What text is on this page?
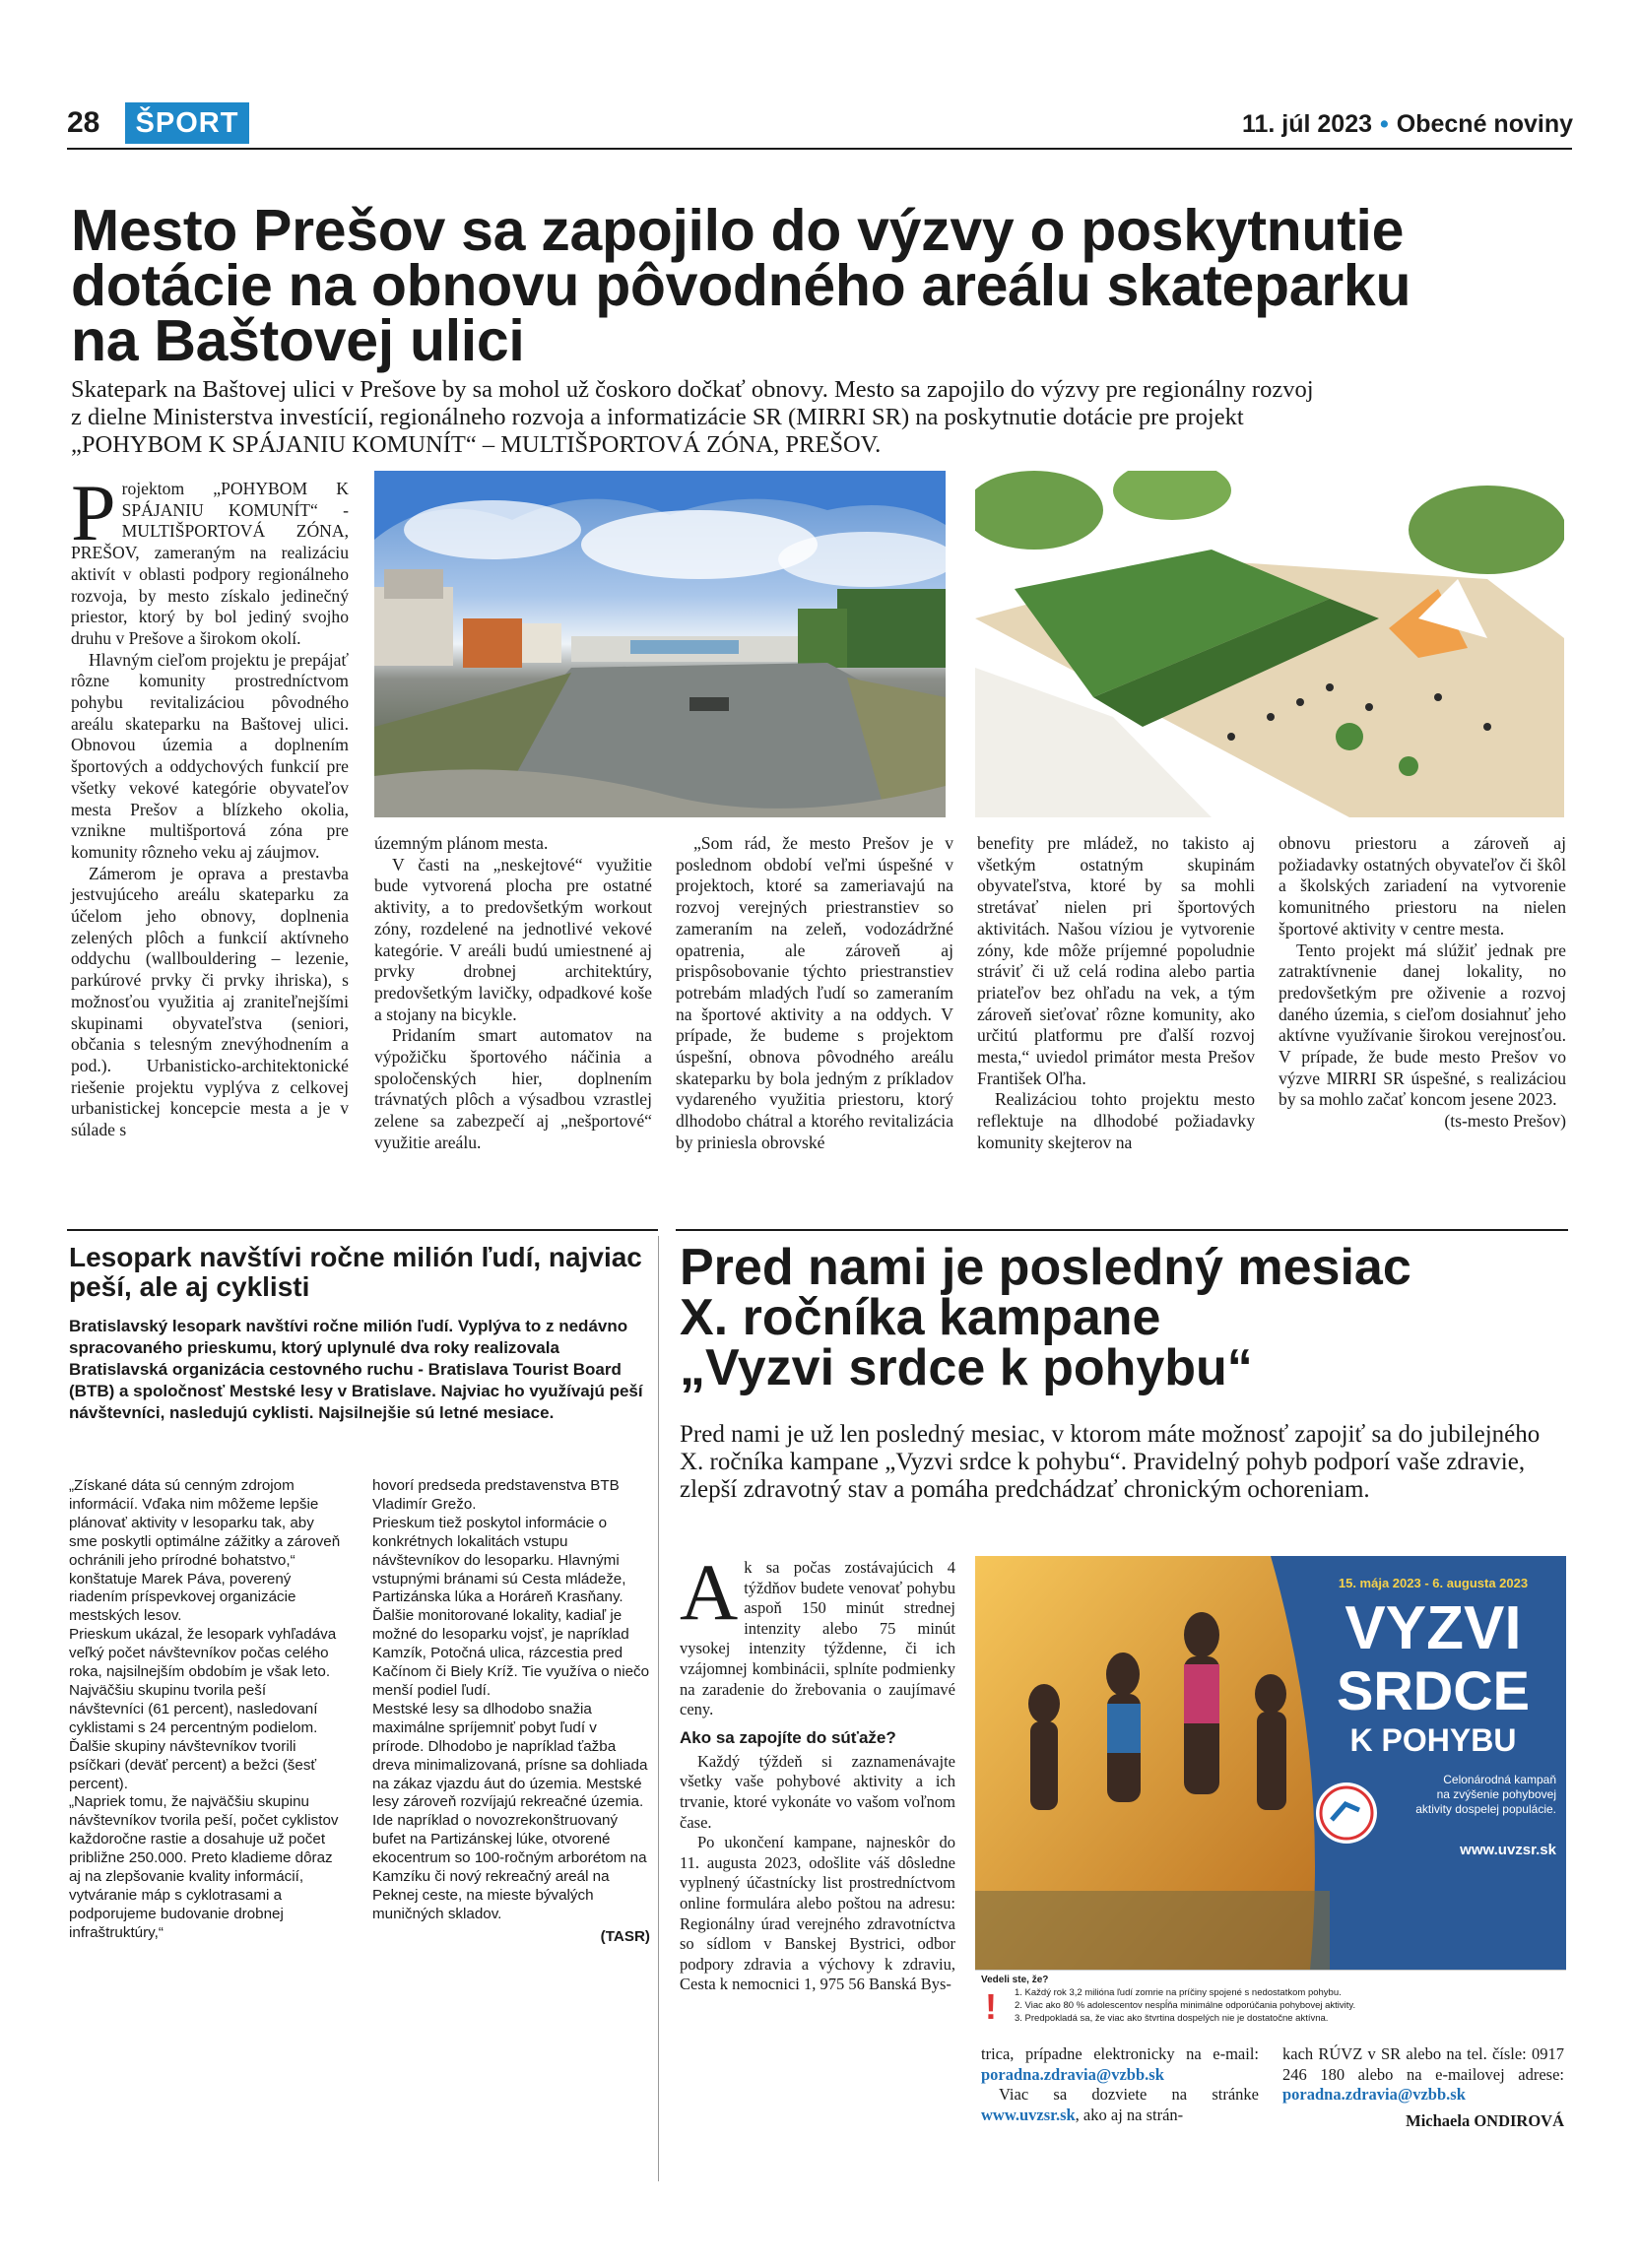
28	ŠPORT	11. júl 2023 • Obecné noviny
Mesto Prešov sa zapojilo do výzvy o poskytnutie
dotácie na obnovu pôvodného areálu skateparku
na Baštovej ulici
Skatepark na Baštovej ulici v Prešove by sa mohol už čoskoro dočkať obnovy. Mesto sa zapojilo do výzvy pre regionálny rozvoj
z dielne Ministerstva investícií, regionálneho rozvoja a informatizácie SR (MIRRI SR) na poskytnutie dotácie pre projekt
„POHYBOM K SPÁJANIU KOMUNÍT“ – MULTIŠPORTOVÁ ZÓNA, PREŠOV.

Projektom „POHYBOM K SPÁJANIU KOMUNÍT“ - MULTIŠPORTOVÁ ZÓNA, PREŠOV, zameraným na realizáciu aktivít v oblasti podpory regionálneho rozvoja, by mesto získalo jedinečný priestor, ktorý by bol jediný svojho druhu v Prešove a širokom okolí.

Hlavným cieľom projektu je prepájať rôzne komunity prostredníctvom pohybu revitalizáciou pôvodného areálu skateparku na Baštovej ulici. Obnovou územia a doplnením športových a oddychových funkcií pre všetky vekové kategórie obyvateľov mesta Prešov a blízkeho okolia, vznikne multišportová zóna pre komunity rôzneho veku aj záujmov.

Zámerom je oprava a prestavba jestvujúceho areálu skateparku za účelom jeho obnovy, doplnenia zelených plôch a funkcií aktívneho oddychu (wallbouldering – lezenie, parkúrové prvky či prvky ihriska), s možnosťou využitia aj zraniteľnejšími skupinami obyvateľstva (seniori, občania s telesným znevýhodnením a pod.). Urbanisticko-architektonické riešenie projektu vyplýva z celkovej urbanistickej koncepcie mesta a je v súlade s

územným plánom mesta.

V časti na „neskejtové“ využitie bude vytvorená plocha pre ostatné aktivity, a to predovšetkým workout zóny, rozdelené na jednotlivé vekové kategórie. V areáli budú umiestnené aj prvky drobnej architektúry, predovšetkým lavičky, odpadkové koše a stojany na bicykle.

Pridaním smart automatov na výpožičku športového náčinia a spoločenských hier, doplnením trávnatých plôch a výsadbou vzrastlej zelene sa zabezpečí aj „nešportové“ využitie areálu.

„Som rád, že mesto Prešov je v poslednom období veľmi úspešné v projektoch, ktoré sa zameriavajú na rozvoj verejných priestranstiev so zameraním na zeleň, vodozádržné opatrenia, ale zároveň aj prispôsobovanie týchto priestranstiev potrebám mladých ľudí so zameraním na športové aktivity a na oddych. V prípade, že budeme s projektom úspešní, obnova pôvodného areálu skateparku by bola jedným z príkladov vydareného využitia priestoru, ktorý dlhodobo chátral a ktorého revitalizácia by priniesla obrovské

benefity pre mládež, no takisto aj všetkým ostatným skupinám obyvateľstva, ktoré by sa mohli stretávať nielen pri športových aktivitách. Našou víziou je vytvorenie zóny, kde môže príjemné popoludnie stráviť či už celá rodina alebo partia priateľov bez ohľadu na vek, a tým zároveň sieťovať rôzne komunity, ako určitú platformu pre ďalší rozvoj mesta,“ uviedol primátor mesta Prešov František Oľha.

Realizáciou tohto projektu mesto reflektuje na dlhodobé požiadavky komunity skejterov na

obnovu priestoru a zároveň aj požiadavky ostatných obyvateľov či škôl a školských zariadení na vytvorenie komunitného priestoru na nielen športové aktivity v centre mesta.

Tento projekt má slúžiť jednak pre zatraktívnenie danej lokality, no predovšetkým pre oživenie a rozvoj daného územia, s cieľom dosiahnuť jeho aktívne využívanie širokou verejnosťou. V prípade, že bude mesto Prešov vo výzve MIRRI SR úspešné, s realizáciou by sa mohlo začať koncom jesene 2023.

(ts-mesto Prešov)
Lesopark navštívi ročne milión ľudí, najviac peší, ale aj cyklisti
Bratislavský lesopark navštívi ročne milión ľudí. Vyplýva to z nedávno spracovaného prieskumu, ktorý uplynulé dva roky realizovala Bratislavská organizácia cestovného ruchu - Bratislava Tourist Board (BTB) a spoločnosť Mestské lesy v Bratislave. Najviac ho využívajú peší návštevníci, nasledujú cyklisti. Najsilnejšie sú letné mesiace.

„Získané dáta sú cenným zdrojom informácií. Vďaka nim môžeme lepšie plánovať aktivity v lesoparku tak, aby sme poskytli optimálne zážitky a zároveň ochránili jeho prírodné bohatstvo,“ konštatuje Marek Páva, poverený riadením príspevkovej organizácie mestských lesov.

Prieskum ukázal, že lesopark vyhľadáva veľký počet návštevníkov počas celého roka, najsilnejším obdobím je však leto. Najväčšiu skupinu tvorila peší návštevníci (61 percent), nasledovaní cyklistami s 24 percentným podielom. Ďalšie skupiny návštevníkov tvorili psíčkari (deväť percent) a bežci (šesť percent).

„Napriek tomu, že najväčšiu skupinu návštevníkov tvorila peší, počet cyklistov každoročne rastie a dosahuje už počet približne 250.000. Preto kladieme dôraz aj na zlepšovanie kvality informácií, vytváranie máp s cyklotrasami a podporujeme budovanie drobnej infraštruktúry,“

hovorí predseda predstavenstva BTB Vladimír Grežo.

Prieskum tiež poskytol informácie o konkrétnych lokalitách vstupu návštevníkov do lesoparku. Hlavnými vstupnými bránami sú Cesta mládeže, Partizánska lúka a Horáreň Krasňany. Ďalšie monitorované lokality, kadiaľ je možné do lesoparku vojsť, je napríklad Kamzík, Potočná ulica, rázcestia pred Kačínom či Biely Kríž. Tie využíva o niečo menší podiel ľudí.

Mestské lesy sa dlhodobo snažia maximálne spríjemniť pobyt ľudí v prírode. Dlhodobo je napríklad ťažba dreva minimalizovaná, prísne sa dohliada na zákaz vjazdu áut do územia. Mestské lesy zároveň rozvíjajú rekreačné územia. Ide napríklad o novozrekonštruovaný bufet na Partizánskej lúke, otvorené ekocentrum so 100-ročným arborétom na Kamzíku či nový rekreačný areál na Peknej ceste, na mieste bývalých muničných skladov.

(TASR)
Pred nami je posledný mesiac
X. ročníka kampane
„Vyzvi srdce k pohybu“
Pred nami je už len posledný mesiac, v ktorom máte možnosť zapojiť sa do jubilejného X. ročníka kampane „Vyzvi srdce k pohybu“. Pravidelný pohyb podporí vaše zdravie, zlepší zdravotný stav a pomáha predchádzať chronickým ochoreniam.

Ak sa počas zostávajúcich 4 týždňov budete venovať pohybu aspoň 150 minút strednej intenzity alebo 75 minút vysokej intenzity týždenne, či ich vzájomnej kombinácii, splníte podmienky na zaradenie do žrebovania o zaujímavé ceny.

Ako sa zapojíte do súťaže?

Každý týždeň si zaznamenávajte všetky vaše pohybové aktivity a ich trvanie, ktoré vykonáte vo vašom voľnom čase.

Po ukončení kampane, najneskôr do 11. augusta 2023, odošlite váš dôsledne vyplnený účastnícky list prostredníctvom online formulára alebo poštou na adresu: Regionálny úrad verejného zdravotníctva so sídlom v Banskej Bystrici, odbor podpory zdravia a výchovy k zdraviu, Cesta k nemocnici 1, 975 56 Banská Bys-

15. mája 2023 - 6. augusta 2023
VYZVI
SRDCE
K POHYBU
Celonárodná kampaň
na zvýšenie pohybovej
aktivity dospelej populácie.
www.uvzsr.sk
Vedeli ste, že?
! 1. Každý rok 3,2 milióna ľudí zomrie na príčiny spojené s nedostatkom pohybu.
2. Viac ako 80 % adolescentov nespĺňa minimálne odporúčania pohybovej aktivity.
3. Predpokladá sa, že viac ako štvrtina dospelých nie je dostatočne aktívna.

trica, prípadne elektronicky na e-mail: poradna.zdravia@vzbb.sk

Viac sa dozviete na stránke www.uvzsr.sk, ako aj na strán-

kach RÚVZ v SR alebo na tel. čísle: 0917 246 180 alebo na e-mailovej adrese: poradna.zdravia@vzbb.sk

Michaela ONDIROVÁ
